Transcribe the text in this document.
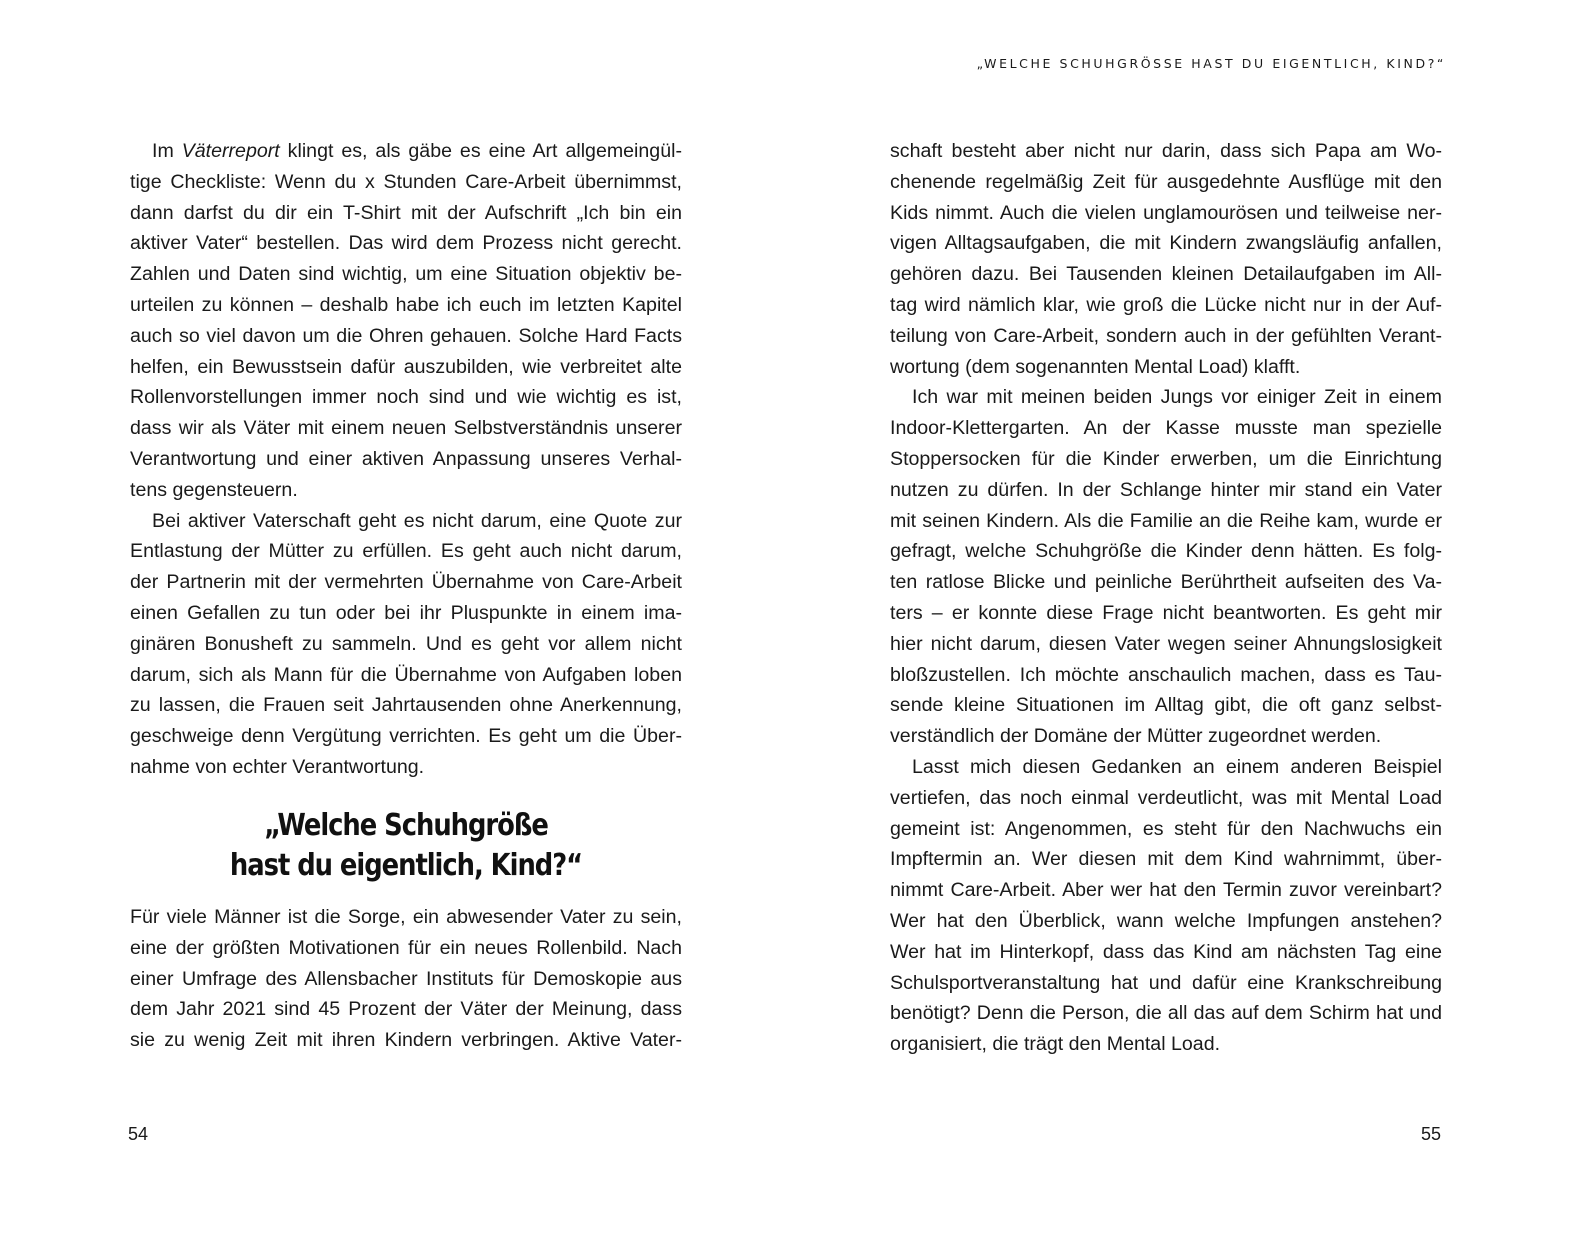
Im Väterreport klingt es, als gäbe es eine Art allgemeingül-
tige Checkliste: Wenn du x Stunden Care-Arbeit übernimmst,
dann darfst du dir ein T-Shirt mit der Aufschrift „Ich bin ein
aktiver Vater“ bestellen. Das wird dem Prozess nicht gerecht.
Zahlen und Daten sind wichtig, um eine Situation objektiv be-
urteilen zu können – deshalb habe ich euch im letzten Kapitel
auch so viel davon um die Ohren gehauen. Solche Hard Facts
helfen, ein Bewusstsein dafür auszubilden, wie verbreitet alte
Rollenvorstellungen immer noch sind und wie wichtig es ist,
dass wir als Väter mit einem neuen Selbstverständnis unserer
Verantwortung und einer aktiven Anpassung unseres Verhal-
tens gegensteuern.
Bei aktiver Vaterschaft geht es nicht darum, eine Quote zur
Entlastung der Mütter zu erfüllen. Es geht auch nicht darum,
der Partnerin mit der vermehrten Übernahme von Care-Arbeit
einen Gefallen zu tun oder bei ihr Pluspunkte in einem ima-
ginären Bonusheft zu sammeln. Und es geht vor allem nicht
darum, sich als Mann für die Übernahme von Aufgaben loben
zu lassen, die Frauen seit Jahrtausenden ohne Anerkennung,
geschweige denn Vergütung verrichten. Es geht um die Über-
nahme von echter Verantwortung.
„Welche Schuhgröße
hast du eigentlich, Kind?“
Für viele Männer ist die Sorge, ein abwesender Vater zu sein,
eine der größten Motivationen für ein neues Rollenbild. Nach
einer Umfrage des Allensbacher Instituts für Demoskopie aus
dem Jahr 2021 sind 45 Prozent der Väter der Meinung, dass
sie zu wenig Zeit mit ihren Kindern verbringen. Aktive Vater-
54
„WELCHE SCHUHGRÖSSE HAST DU EIGENTLICH, KIND?“
schaft besteht aber nicht nur darin, dass sich Papa am Wo-
chenende regelmäßig Zeit für ausgedehnte Ausflüge mit den
Kids nimmt. Auch die vielen unglamourösen und teilweise ner-
vigen Alltagsaufgaben, die mit Kindern zwangsläufig anfallen,
gehören dazu. Bei Tausenden kleinen Detailaufgaben im All-
tag wird nämlich klar, wie groß die Lücke nicht nur in der Auf-
teilung von Care-Arbeit, sondern auch in der gefühlten Verant-
wortung (dem sogenannten Mental Load) klafft.
Ich war mit meinen beiden Jungs vor einiger Zeit in einem
Indoor-Klettergarten. An der Kasse musste man spezielle
Stoppersocken für die Kinder erwerben, um die Einrichtung
nutzen zu dürfen. In der Schlange hinter mir stand ein Vater
mit seinen Kindern. Als die Familie an die Reihe kam, wurde er
gefragt, welche Schuhgröße die Kinder denn hätten. Es folg-
ten ratlose Blicke und peinliche Berührtheit aufseiten des Va-
ters – er konnte diese Frage nicht beantworten. Es geht mir
hier nicht darum, diesen Vater wegen seiner Ahnungslosigkeit
bloßzustellen. Ich möchte anschaulich machen, dass es Tau-
sende kleine Situationen im Alltag gibt, die oft ganz selbst-
verständlich der Domäne der Mütter zugeordnet werden.
Lasst mich diesen Gedanken an einem anderen Beispiel
vertiefen, das noch einmal verdeutlicht, was mit Mental Load
gemeint ist: Angenommen, es steht für den Nachwuchs ein
Impftermin an. Wer diesen mit dem Kind wahrnimmt, über-
nimmt Care-Arbeit. Aber wer hat den Termin zuvor vereinbart?
Wer hat den Überblick, wann welche Impfungen anstehen?
Wer hat im Hinterkopf, dass das Kind am nächsten Tag eine
Schulsportveranstaltung hat und dafür eine Krankschreibung
benötigt? Denn die Person, die all das auf dem Schirm hat und
organisiert, die trägt den Mental Load.
55
